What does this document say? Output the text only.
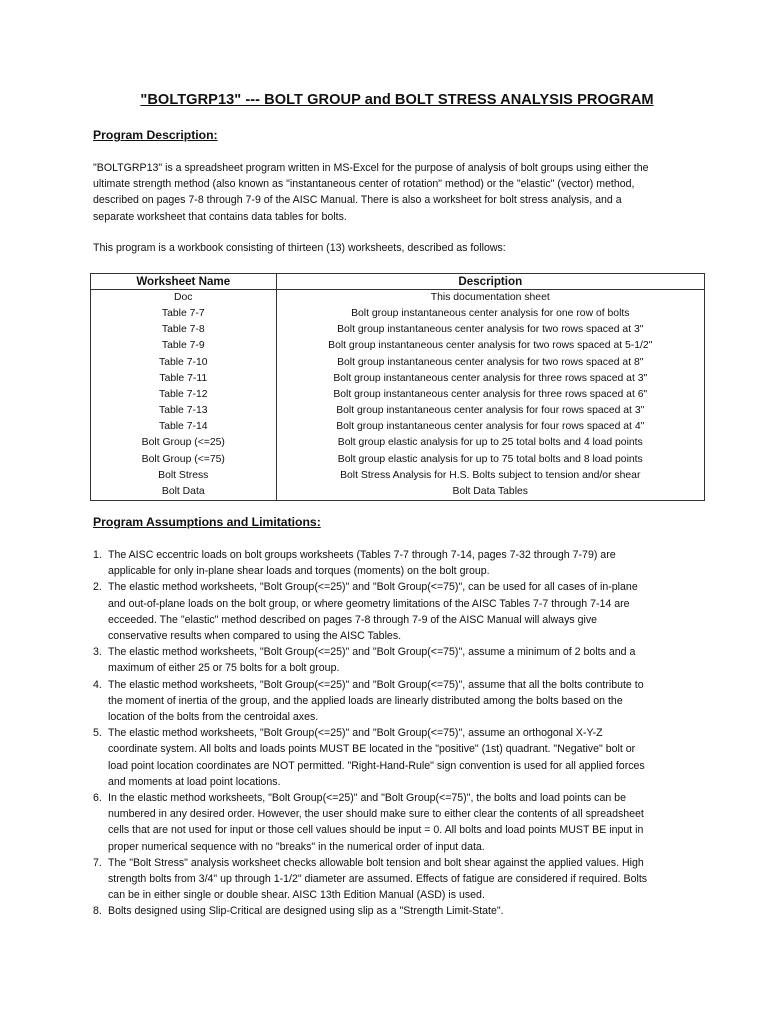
"BOLTGRP13" --- BOLT GROUP and BOLT STRESS ANALYSIS PROGRAM
Program Description:

"BOLTGRP13" is a spreadsheet program written in MS-Excel for the purpose of analysis of bolt groups using either the ultimate strength method (also known as "instantaneous center of rotation" method) or the "elastic" (vector) method, described on pages 7-8 through 7-9 of the AISC Manual. There is also a worksheet for bolt stress analysis, and a separate worksheet that contains data tables for bolts.

This program is a workbook consisting of thirteen (13) worksheets, described as follows:

Worksheet Name	Description
Doc	This documentation sheet
Table 7-7	Bolt group instantaneous center analysis for one row of bolts
Table 7-8	Bolt group instantaneous center analysis for two rows spaced at 3"
Table 7-9	Bolt group instantaneous center analysis for two rows spaced at 5-1/2"
Table 7-10	Bolt group instantaneous center analysis for two rows spaced at 8"
Table 7-11	Bolt group instantaneous center analysis for three rows spaced at 3"
Table 7-12	Bolt group instantaneous center analysis for three rows spaced at 6"
Table 7-13	Bolt group instantaneous center analysis for four rows spaced at 3"
Table 7-14	Bolt group instantaneous center analysis for four rows spaced at 4"
Bolt Group (<=25)	Bolt group elastic analysis for up to 25 total bolts and 4 load points
Bolt Group (<=75)	Bolt group elastic analysis for up to 75 total bolts and 8 load points
Bolt Stress	Bolt Stress Analysis for H.S. Bolts subject to tension and/or shear
Bolt Data	Bolt Data Tables
Program Assumptions and Limitations:
1. The AISC eccentric loads on bolt groups worksheets (Tables 7-7 through 7-14, pages 7-32 through 7-79) are applicable for only in-plane shear loads and torques (moments) on the bolt group.
2. The elastic method worksheets, "Bolt Group(<=25)" and "Bolt Group(<=75)", can be used for all cases of in-plane and out-of-plane loads on the bolt group, or where geometry limitations of the AISC Tables 7-7 through 7-14 are ecceeded. The "elastic" method described on pages 7-8 through 7-9 of the AISC Manual will always give conservative results when compared to using the AISC Tables.
3. The elastic method worksheets, "Bolt Group(<=25)" and "Bolt Group(<=75)", assume a minimum of 2 bolts and a maximum of either 25 or 75 bolts for a bolt group.
4. The elastic method worksheets, "Bolt Group(<=25)" and "Bolt Group(<=75)", assume that all the bolts contribute to the moment of inertia of the group, and the applied loads are linearly distributed among the bolts based on the location of the bolts from the centroidal axes.
5. The elastic method worksheets, "Bolt Group(<=25)" and "Bolt Group(<=75)", assume an orthogonal X-Y-Z coordinate system. All bolts and loads points MUST BE located in the "positive" (1st) quadrant. "Negative" bolt or load point location coordinates are NOT permitted. "Right-Hand-Rule" sign convention is used for all applied forces and moments at load point locations.
6. In the elastic method worksheets, "Bolt Group(<=25)" and "Bolt Group(<=75)", the bolts and load points can be numbered in any desired order. However, the user should make sure to either clear the contents of all spreadsheet cells that are not used for input or those cell values should be input = 0. All bolts and load points MUST BE input in proper numerical sequence with no "breaks" in the numerical order of input data.
7. The "Bolt Stress" analysis worksheet checks allowable bolt tension and bolt shear against the applied values. High strength bolts from 3/4" up through 1-1/2" diameter are assumed. Effects of fatigue are considered if required. Bolts can be in either single or double shear. AISC 13th Edition Manual (ASD) is used.
8. Bolts designed using Slip-Critical are designed using slip as a "Strength Limit-State".
